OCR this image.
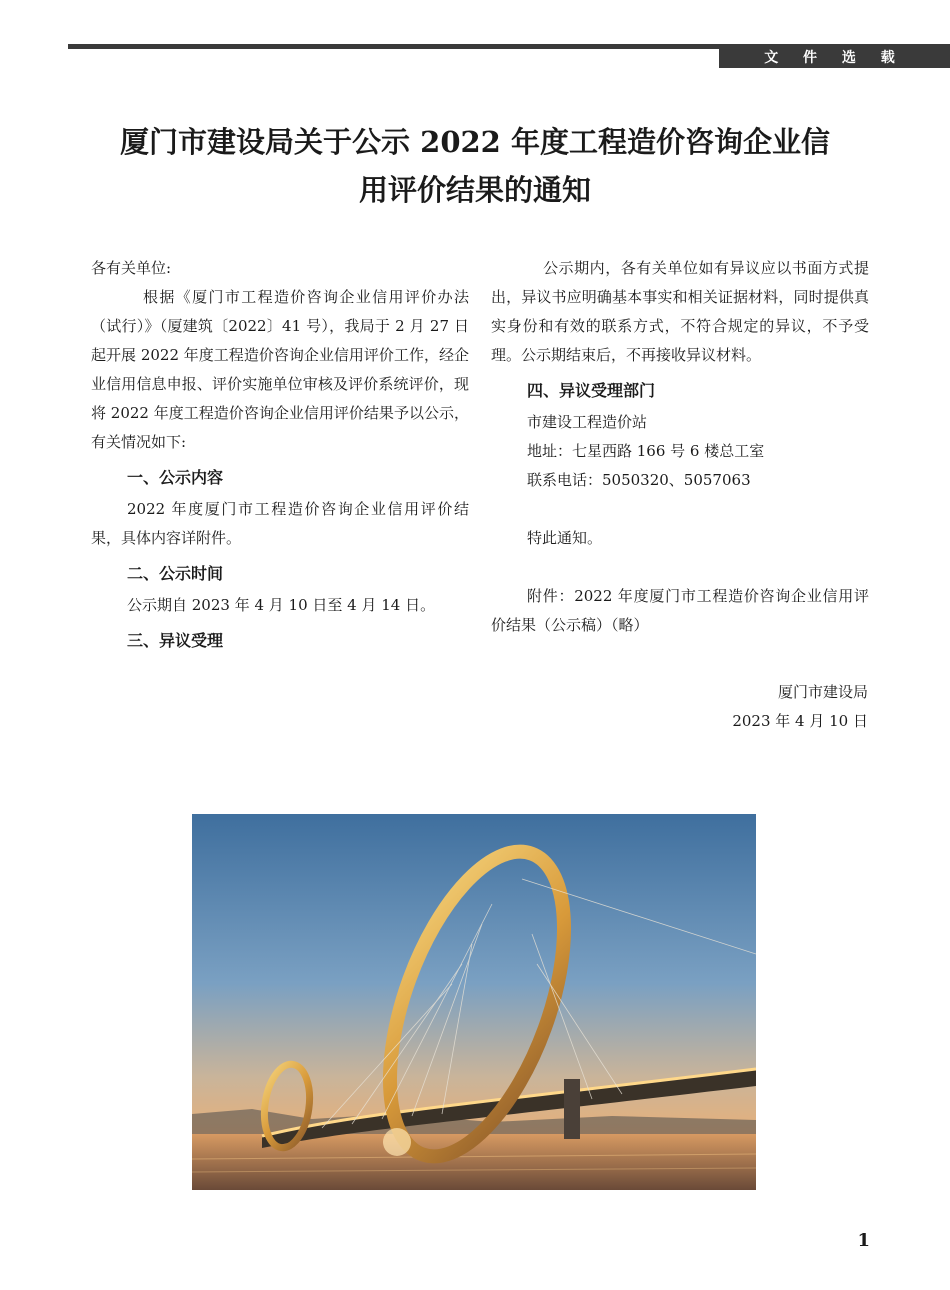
文 件 选 载
厦门市建设局关于公示 2022 年度工程造价咨询企业信
用评价结果的通知

各有关单位:

根据《厦门市工程造价咨询企业信用评价办法（试行）》（厦建筑〔2022〕41 号），我局于 2 月 27 日起开展 2022 年度工程造价咨询企业信用评价工作，经企业信用信息申报、评价实施单位审核及评价系统评价，现将 2022 年度工程造价咨询企业信用评价结果予以公示，有关情况如下:

一、公示内容

2022 年度厦门市工程造价咨询企业信用评价结果，具体内容详附件。

二、公示时间

公示期自 2023 年 4 月 10 日至 4 月 14 日。

三、异议受理

公示期内，各有关单位如有异议应以书面方式提出，异议书应明确基本事实和相关证据材料，同时提供真实身份和有效的联系方式，不符合规定的异议，不予受理。公示期结束后，不再接收异议材料。

四、异议受理部门

市建设工程造价站

地址：七星西路 166 号 6 楼总工室

联系电话：5050320、5057063

特此通知。

附件：2022 年度厦门市工程造价咨询企业信用评价结果（公示稿）（略）

厦门市建设局
2023 年 4 月 10 日
1
